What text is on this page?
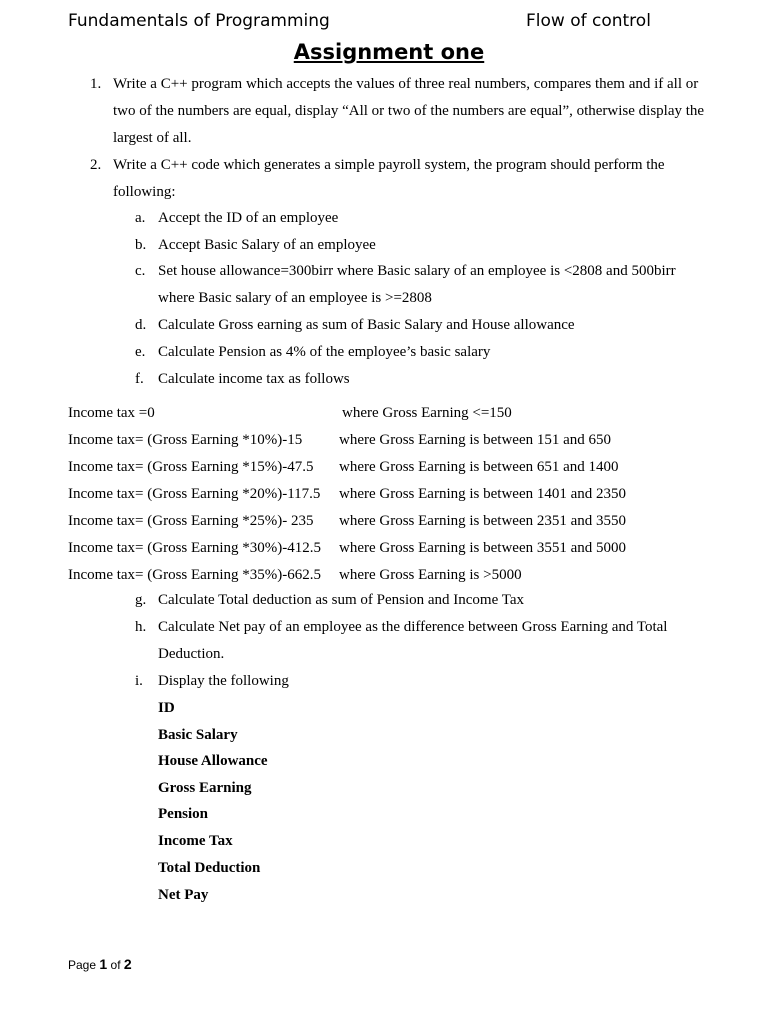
Fundamentals of Programming	Flow of control
Assignment one
1. Write a C++ program which accepts the values of three real numbers, compares them and if all or
two of the numbers are equal, display “All or two of the numbers are equal”, otherwise display the
largest of all.
2. Write a C++ code which generates a simple payroll system, the program should perform the
following:
a. Accept the ID of an employee
b. Accept Basic Salary of an employee
c. Set house allowance=300birr where Basic salary of an employee is <2808 and 500birr
where Basic salary of an employee is >=2808
d. Calculate Gross earning as sum of Basic Salary and House allowance
e. Calculate Pension as 4% of the employee’s basic salary
f. Calculate income tax as follows
Income tax =0	where Gross Earning <=150
Income tax= (Gross Earning *10%)-15 where Gross Earning is between 151 and 650
Income tax= (Gross Earning *15%)-47.5 where Gross Earning is between 651 and 1400
Income tax= (Gross Earning *20%)-117.5 where Gross Earning is between 1401 and 2350
Income tax= (Gross Earning *25%)- 235 where Gross Earning is between 2351 and 3550
Income tax= (Gross Earning *30%)-412.5 where Gross Earning is between 3551 and 5000
Income tax= (Gross Earning *35%)-662.5 where Gross Earning is >5000
g. Calculate Total deduction as sum of Pension and Income Tax
h. Calculate Net pay of an employee as the difference between Gross Earning and Total
Deduction.
i. Display the following
ID
Basic Salary
House Allowance
Gross Earning
Pension
Income Tax
Total Deduction
Net Pay
Page 1 of 2
